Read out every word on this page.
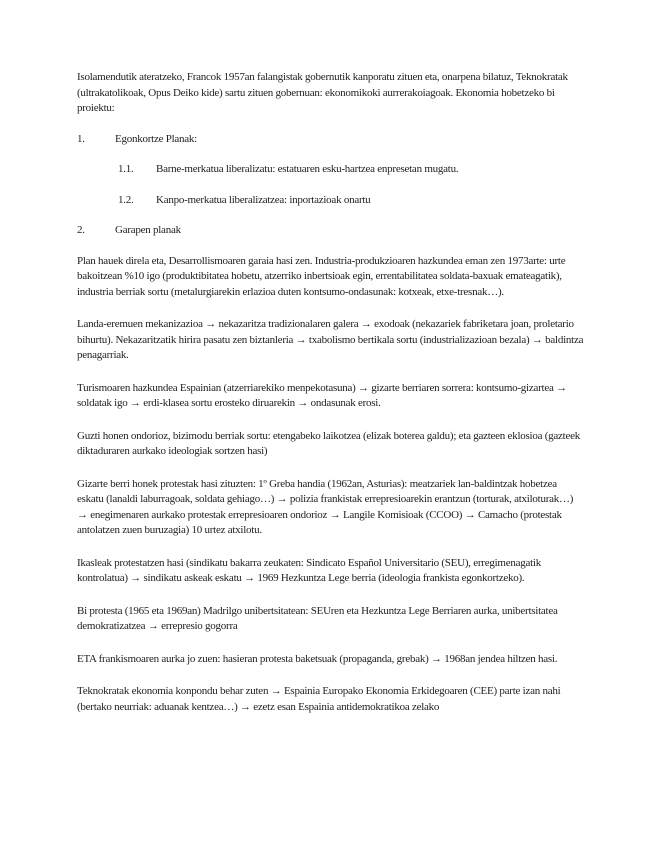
Isolamendutik ateratzeko, Francok 1957an falangistak gobernutik kanporatu zituen eta, onarpena bilatuz, Teknokratak (ultrakatolikoak, Opus Deiko kide) sartu zituen gobernuan: ekonomikoki aurrerakoiagoak. Ekonomia hobetzeko bi proiektu:

1.	Egonkortze Planak:
1.1.	Barne-merkatua liberalizatu: estatuaren esku-hartzea enpresetan mugatu.
1.2.	Kanpo-merkatua liberalizatzea: inportazioak onartu
2.	Garapen planak

Plan hauek direla eta, Desarrollismoaren garaia hasi zen. Industria-produkzioaren hazkundea eman zen 1973arte: urte bakoitzean %10 igo (produktibitatea hobetu, atzerriko inbertsioak egin, errentabilitatea soldata-baxuak emateagatik), industria berriak sortu (metalurgiarekin erlazioa duten kontsumo-ondasunak: kotxeak, etxe-tresnak…).

Landa-eremuen mekanizazioa → nekazaritza tradizionalaren galera → exodoak (nekazariek fabriketara joan, proletario bihurtu). Nekazaritzatik hirira pasatu zen biztanleria → txabolismo bertikala sortu (industrializazioan bezala) → baldintza penagarriak.

Turismoaren hazkundea Espainian (atzerriarekiko menpekotasuna) → gizarte berriaren sorrera: kontsumo-gizartea → soldatak igo → erdi-klasea sortu erosteko diruarekin → ondasunak erosi.

Guzti honen ondorioz, bizimodu berriak sortu: etengabeko laikotzea (elizak boterea galdu); eta gazteen eklosioa (gazteek diktaduraren aurkako ideologiak sortzen hasi)

Gizarte berri honek protestak hasi zituzten: 1º Greba handia (1962an, Asturias): meatzariek lan-baldintzak hobetzea eskatu (lanaldi laburragoak, soldata gehiago…) → polizia frankistak errepresioarekin erantzun (torturak, atxiloturak…) → enegimenaren aurkako protestak errepresioaren ondorioz → Langile Komisioak (CCOO) → Camacho (protestak antolatzen zuen buruzagia) 10 urtez atxilotu.

Ikasleak protestatzen hasi (sindikatu bakarra zeukaten: Sindicato Español Universitario (SEU), erregimenagatik kontrolatua) → sindikatu askeak eskatu → 1969 Hezkuntza Lege berria (ideologia frankista egonkortzeko).

Bi protesta (1965 eta 1969an) Madrilgo unibertsitatean: SEUren eta Hezkuntza Lege Berriaren aurka, unibertsitatea demokratizatzea → errepresio gogorra

ETA frankismoaren aurka jo zuen: hasieran protesta baketsuak (propaganda, grebak) → 1968an jendea hiltzen hasi.

Teknokratak ekonomia konpondu behar zuten → Espainia Europako Ekonomia Erkidegoaren (CEE) parte izan nahi (bertako neurriak: aduanak kentzea…) → ezetz esan Espainia antidemokratikoa zelako
